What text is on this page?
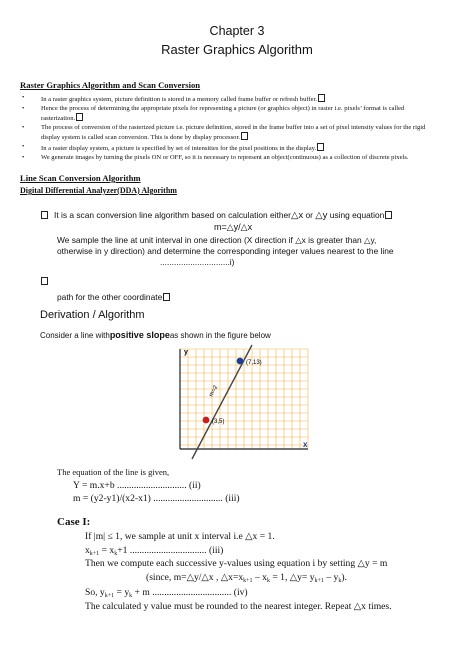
Chapter 3
Raster Graphics Algorithm
Raster Graphics Algorithm and Scan Conversion
• In a raster graphics system, picture definition is stored in a memory called frame buffer or refresh buffer.
• Hence the process of determining the appropriate pixels for representing a picture (or graphics object) in raster i.e. pixels’ format is called rasterization.
• The process of conversion of the rasterized picture i.e. picture definition, stored in the frame buffer into a set of pixel intensity values for the rigid display system is called scan conversion. This is done by display processor.
• In a raster display system, a picture is specified by set of intensities for the pixel positions in the display.
• We generate images by turning the pixels ON or OFF, so it is necessary to represent an object(continuous) as a collection of discrete pixels.
Line Scan Conversion Algorithm
Digital Differential Analyzer(DDA) Algorithm
It is a scan conversion line algorithm based on calculation either△x or △y using equation
m=△y/△x
We sample the line at unit interval in one direction (X direction if △x is greater than △y,
otherwise in y direction) and determine the corresponding integer values nearest to the line
..............................i)
path for the other coordinate
Derivation / Algorithm
Consider a line withpositive slopeas shown in the figure below
y
x
m=2
(3,5)
(7,13)
The equation of the line is given,
Y = m.x+b ............................. (ii)
m = (y2-y1)/(x2-x1) ............................. (iii)
Case I:
If |m| ≤ 1, we sample at unit x interval i.e △x = 1.
$x_{k+1} = x_k+1$ ................................ (iii)
Then we compute each successive y-values using equation i by setting △y = m
(since, m=△y/△x , $\triangle x=x_{k+1} - x_k = 1$, △y= $y_{k+1} - y_k$).
So, $y_{k+1} = y_k + m$ ................................. (iv)
The calculated y value must be rounded to the nearest integer. Repeat △x times.
